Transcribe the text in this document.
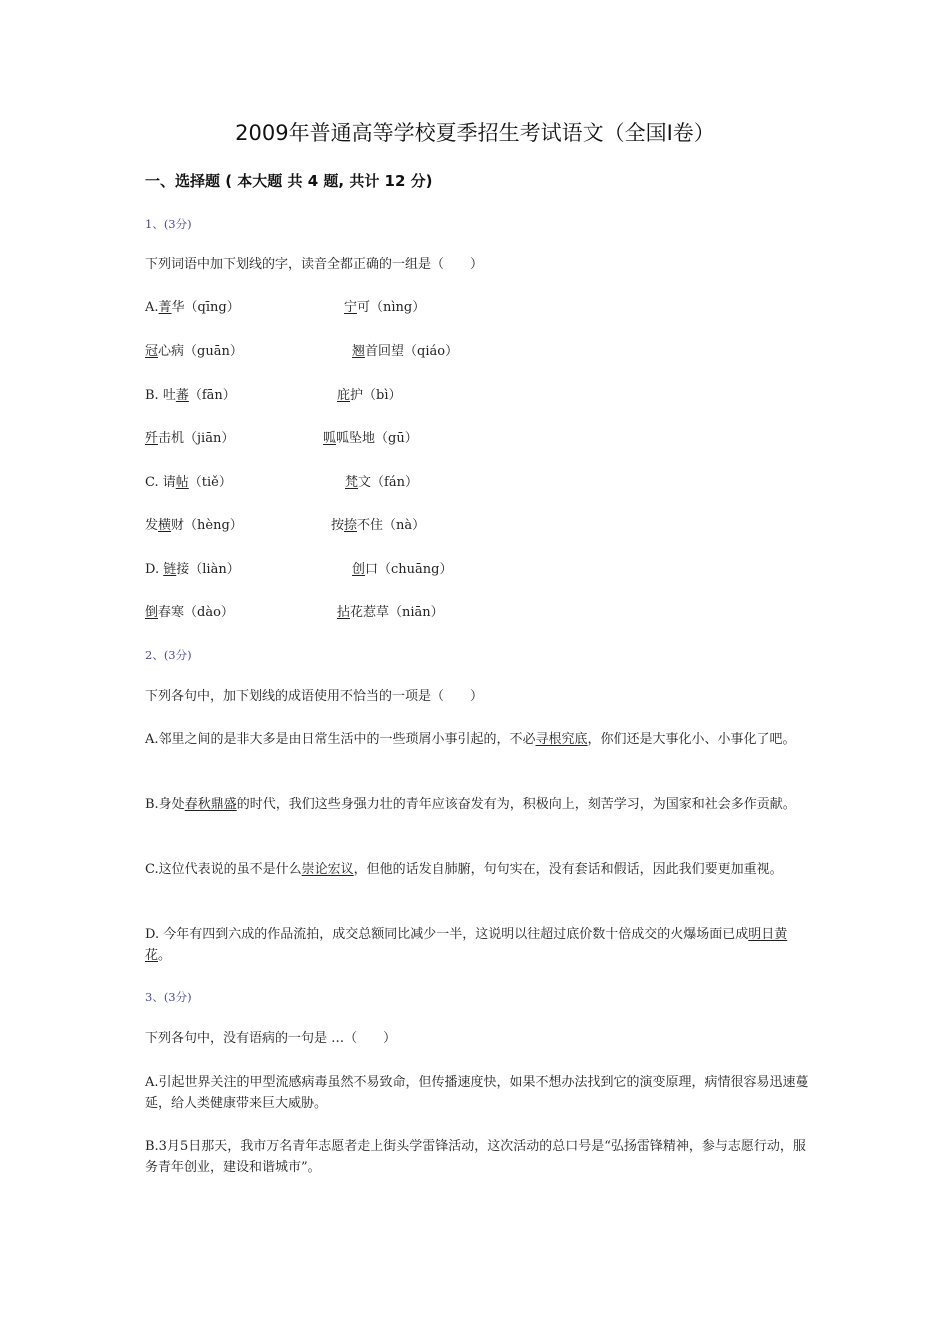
2009年普通高等学校夏季招生考试语文（全国Ⅰ卷）
一、选择题 ( 本大题 共 4 题, 共计 12 分)
1、(3分)
下列词语中加下划线的字，读音全都正确的一组是（　　）
A.菁华（qīng）	宁可（nìng）
冠心病（guān）	翘首回望（qiáo）
B. 吐蕃（fān）	庇护（bì）
歼击机（jiān）	呱呱坠地（gū）
C. 请帖（tiě）	梵文（fán）
发横财（hèng）	按捺不住（nà）
D. 链接（liàn）	创口（chuāng）
倒春寒（dào）	拈花惹草（niān）
2、(3分)
下列各句中，加下划线的成语使用不恰当的一项是（　　）
A.邻里之间的是非大多是由日常生活中的一些琐屑小事引起的，不必寻根究底，你们还是大事化小、小事化了吧。
B.身处春秋鼎盛的时代，我们这些身强力壮的青年应该奋发有为，积极向上，刻苦学习，为国家和社会多作贡献。
C.这位代表说的虽不是什么崇论宏议，但他的话发自肺腑，句句实在，没有套话和假话，因此我们要更加重视。
D. 今年有四到六成的作品流拍，成交总额同比减少一半，这说明以往超过底价数十倍成交的火爆场面已成明日黄花。
3、(3分)
下列各句中，没有语病的一句是 …（　　）
A.引起世界关注的甲型流感病毒虽然不易致命，但传播速度快，如果不想办法找到它的演变原理，病情很容易迅速蔓延，给人类健康带来巨大威胁。
B.3月5日那天，我市万名青年志愿者走上街头学雷锋活动，这次活动的总口号是“弘扬雷锋精神，参与志愿行动，服务青年创业，建设和谐城市”。
